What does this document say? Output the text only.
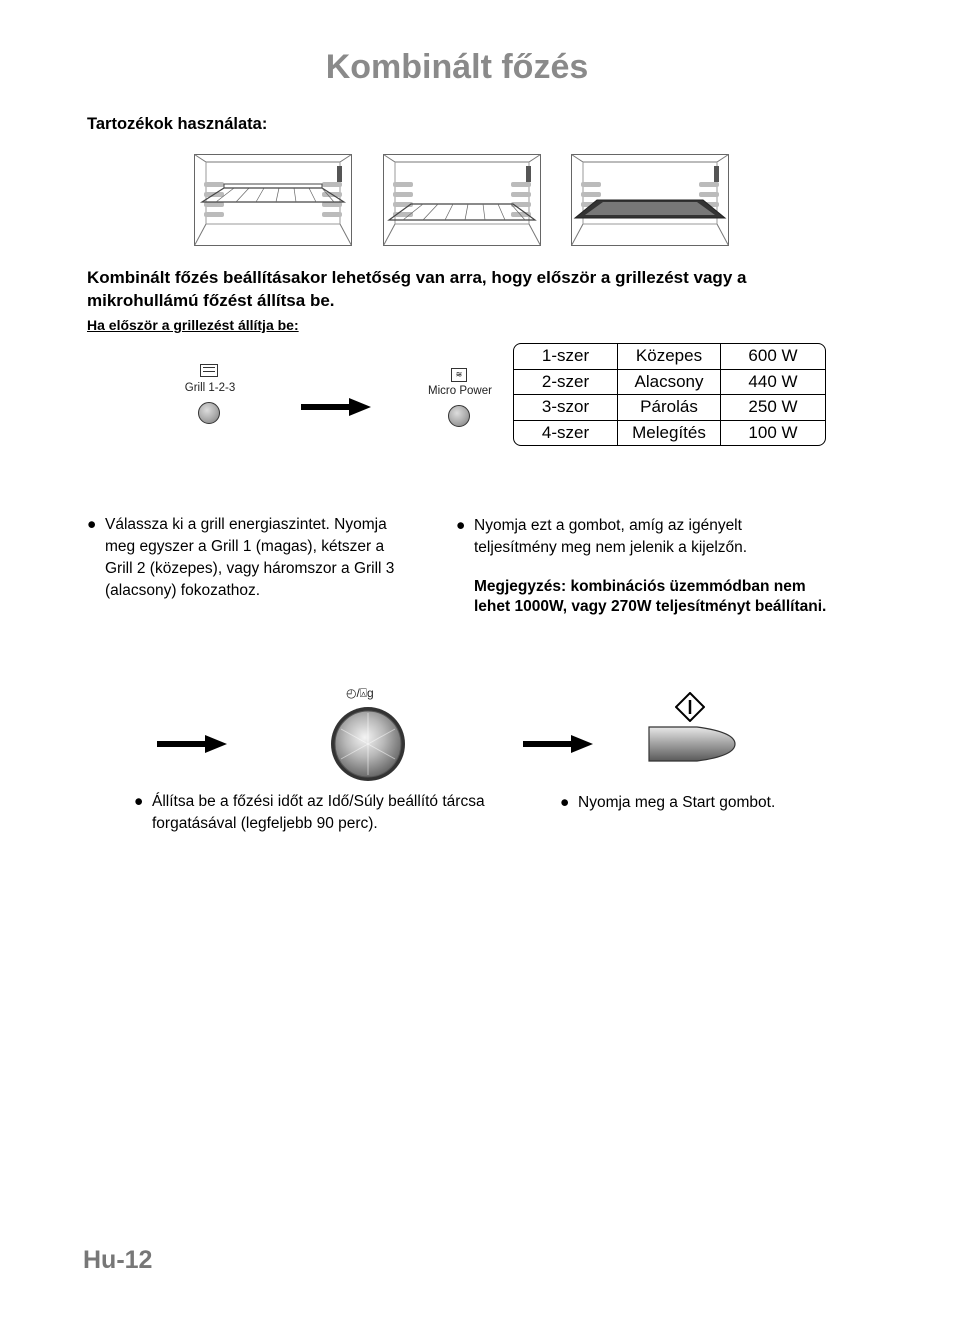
Kombinált főzés
Tartozékok használata:
Kombinált főzés beállításakor lehetőség van arra, hogy először a grillezést vagy a mikrohullámú főzést állítsa be.
Ha először a grillezést állítja be:
Grill 1-2-3
≋
Micro Power
1-szer	Közepes	600 W
2-szer	Alacsony	440 W
3-szor	Párolás	250 W
4-szer	Melegítés	100 W
● Válassza ki a grill energiaszintet. Nyomja meg egyszer a Grill 1 (magas), kétszer a Grill 2 (közepes), vagy háromszor a Grill 3 (alacsony) fokozathoz.
● Nyomja ezt a gombot, amíg az igényelt teljesítmény meg nem jelenik a kijelzőn.
Megjegyzés: kombinációs üzemmódban nem lehet 1000W, vagy 270W teljesítményt beállítani.
◴/⍓g
● Állítsa be a főzési időt az Idő/Súly beállító tárcsa forgatásával (legfeljebb 90 perc).
● Nyomja meg a Start gombot.
Hu-12
